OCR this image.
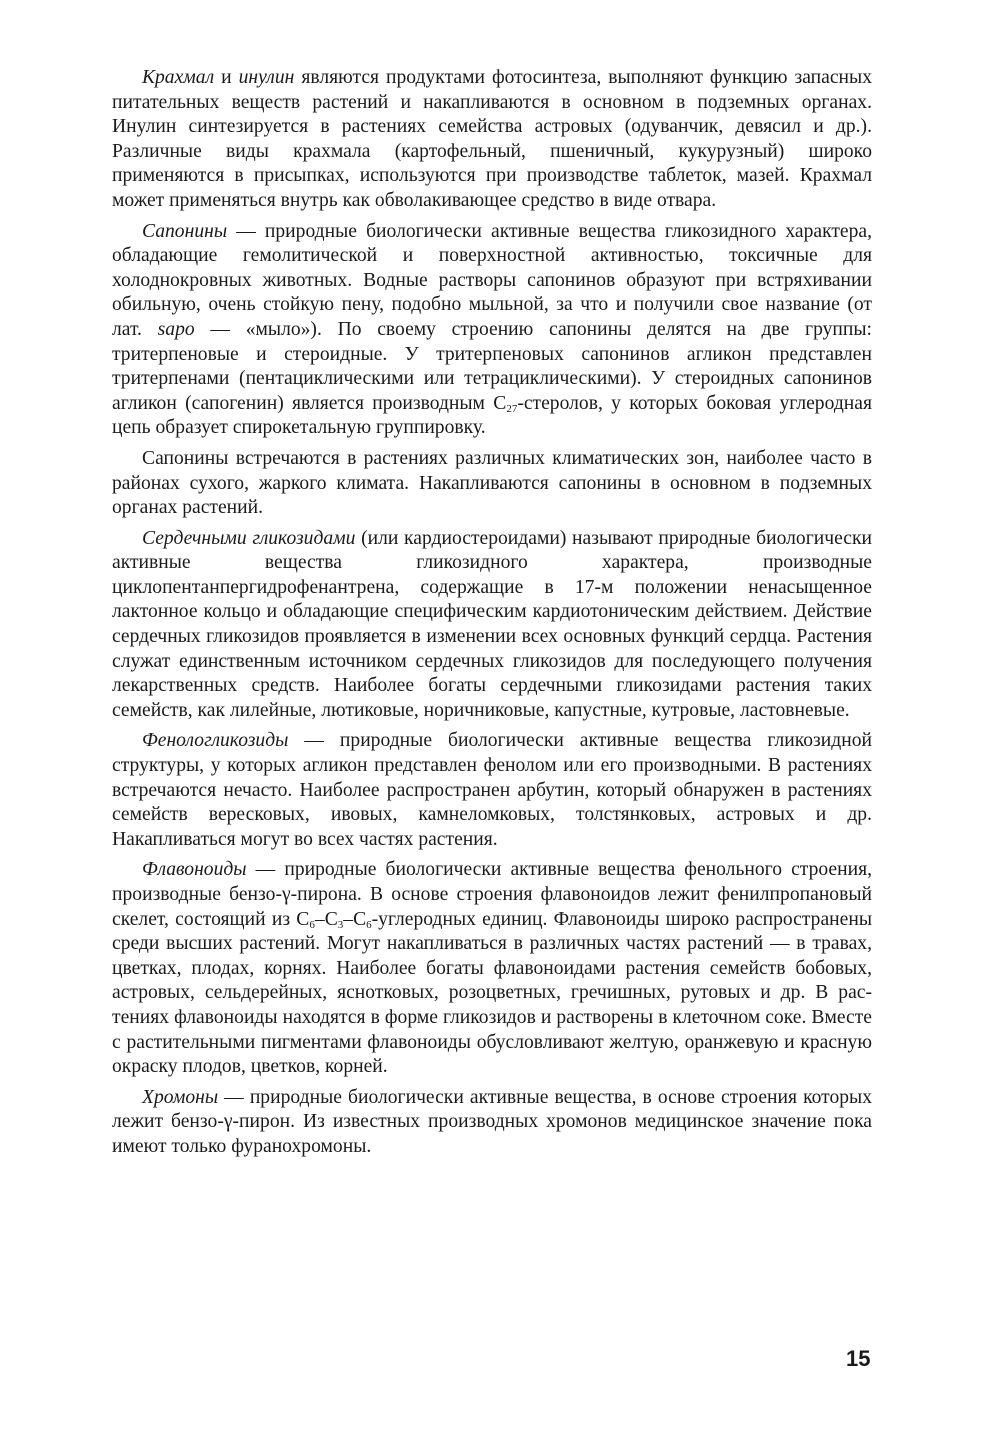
Крахмал и инулин являются продуктами фотосинтеза, выполняют функцию запасных питательных веществ растений и накапливаются в основном в подземных органах. Инулин синтезируется в растениях семейства астровых (одуванчик, девясил и др.). Различные виды крахмала (картофельный, пшеничный, кукурузный) широко применяются в присыпках, используются при производстве таблеток, мазей. Крахмал может применяться внутрь как обволакивающее средство в виде отвара.

Сапонины — природные биологически активные вещества гликозидного характера, обладающие гемолитической и поверхностной активностью, токсичные для холоднокровных животных. Водные растворы сапонинов образуют при встряхивании обильную, очень стойкую пену, подобно мыльной, за что и получили свое название (от лат. sapo — «мыло»). По своему строению сапонины делятся на две группы: тритерпеновые и стероидные. У тритерпеновых сапонинов агликон представлен тритерпенами (пентациклическими или тетрациклическими). У стероидных сапонинов агликон (сапогенин) является производным $С_{27}$-стеролов, у которых боковая углеродная цепь образует спирокетальную группировку.

Сапонины встречаются в растениях различных климатических зон, наиболее часто в районах сухого, жаркого климата. Накапливаются сапонины в основном в подземных органах растений.

Сердечными гликозидами (или кардиостероидами) называют природные биологически активные вещества гликозидного характера, производные циклопентанпергидрофенантрена, содержащие в 17-м положении ненасыщенное лактонное кольцо и обладающие специфическим кардиотоническим действием. Действие сердечных гликозидов проявляется в изменении всех основных функций сердца. Растения служат единственным источником сердечных гликозидов для последующего получения лекарственных средств. Наиболее богаты сердечными гликозидами растения таких семейств, как лилейные, лютиковые, норичниковые, капустные, кутровые, ластовневые.

Фенологликозиды — природные биологически активные вещества гликозидной структуры, у которых агликон представлен фенолом или его производными. В растениях встречаются нечасто. Наиболее распространен арбутин, который обнаружен в растениях семейств вересковых, ивовых, камнеломковых, толстянковых, астровых и др. Накапливаться могут во всех частях растения.

Флавоноиды — природные биологически активные вещества фенольного строения, производные бензо-γ-пирона. В основе строения флавоноидов лежит фенилпропановый скелет, состоящий из $С_6-С_3-С_6$-углеродных единиц. Флавоноиды широко распространены среди высших растений. Могут накапливаться в различных частях растений — в травах, цветках, плодах, корнях. Наиболее богаты флавоноидами растения семейств бобовых, астровых, сельдерейных, яснотковых, розоцветных, гречишных, рутовых и др. В растениях флавоноиды находятся в форме гликозидов и растворены в клеточном соке. Вместе с растительными пигментами флавоноиды обусловливают желтую, оранжевую и красную окраску плодов, цветков, корней.

Хромоны — природные биологически активные вещества, в основе строения которых лежит бензо-γ-пирон. Из известных производных хромонов медицинское значение пока имеют только фуранохромоны.

15
